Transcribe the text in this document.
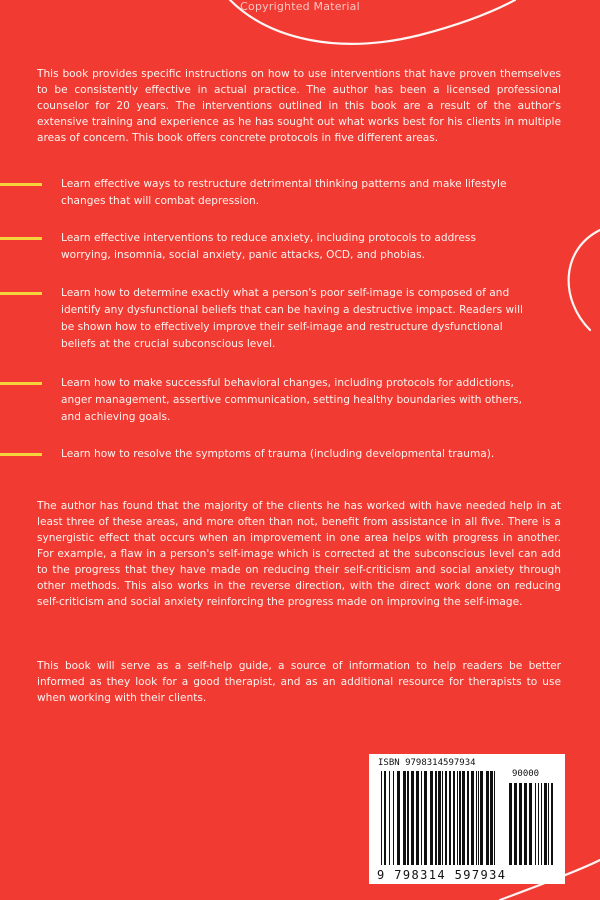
Copyrighted Material
This book provides specific instructions on how to use interventions that have proven themselves to be consistently effective in actual practice. The author has been a licensed professional counselor for 20 years. The interventions outlined in this book are a result of the author's extensive training and experience as he has sought out what works best for his clients in multiple areas of concern. This book offers concrete protocols in five different areas.
Learn effective ways to restructure detrimental thinking patterns and make lifestyle changes that will combat depression.
Learn effective interventions to reduce anxiety, including protocols to address worrying, insomnia, social anxiety, panic attacks, OCD, and phobias.
Learn how to determine exactly what a person's poor self-image is composed of and identify any dysfunctional beliefs that can be having a destructive impact. Readers will be shown how to effectively improve their self-image and restructure dysfunctional beliefs at the crucial subconscious level.
Learn how to make successful behavioral changes, including protocols for addictions, anger management, assertive communication, setting healthy boundaries with others, and achieving goals.
Learn how to resolve the symptoms of trauma (including developmental trauma).
The author has found that the majority of the clients he has worked with have needed help in at least three of these areas, and more often than not, benefit from assistance in all five. There is a synergistic effect that occurs when an improvement in one area helps with progress in another. For example, a flaw in a person's self-image which is corrected at the subconscious level can add to the progress that they have made on reducing their self-criticism and social anxiety through other methods. This also works in the reverse direction, with the direct work done on reducing self-criticism and social anxiety reinforcing the progress made on improving the self-image.
This book will serve as a self-help guide, a source of information to help readers be better informed as they look for a good therapist, and as an additional resource for therapists to use when working with their clients.
ISBN 9798314597934
90000
9 798314 597934
